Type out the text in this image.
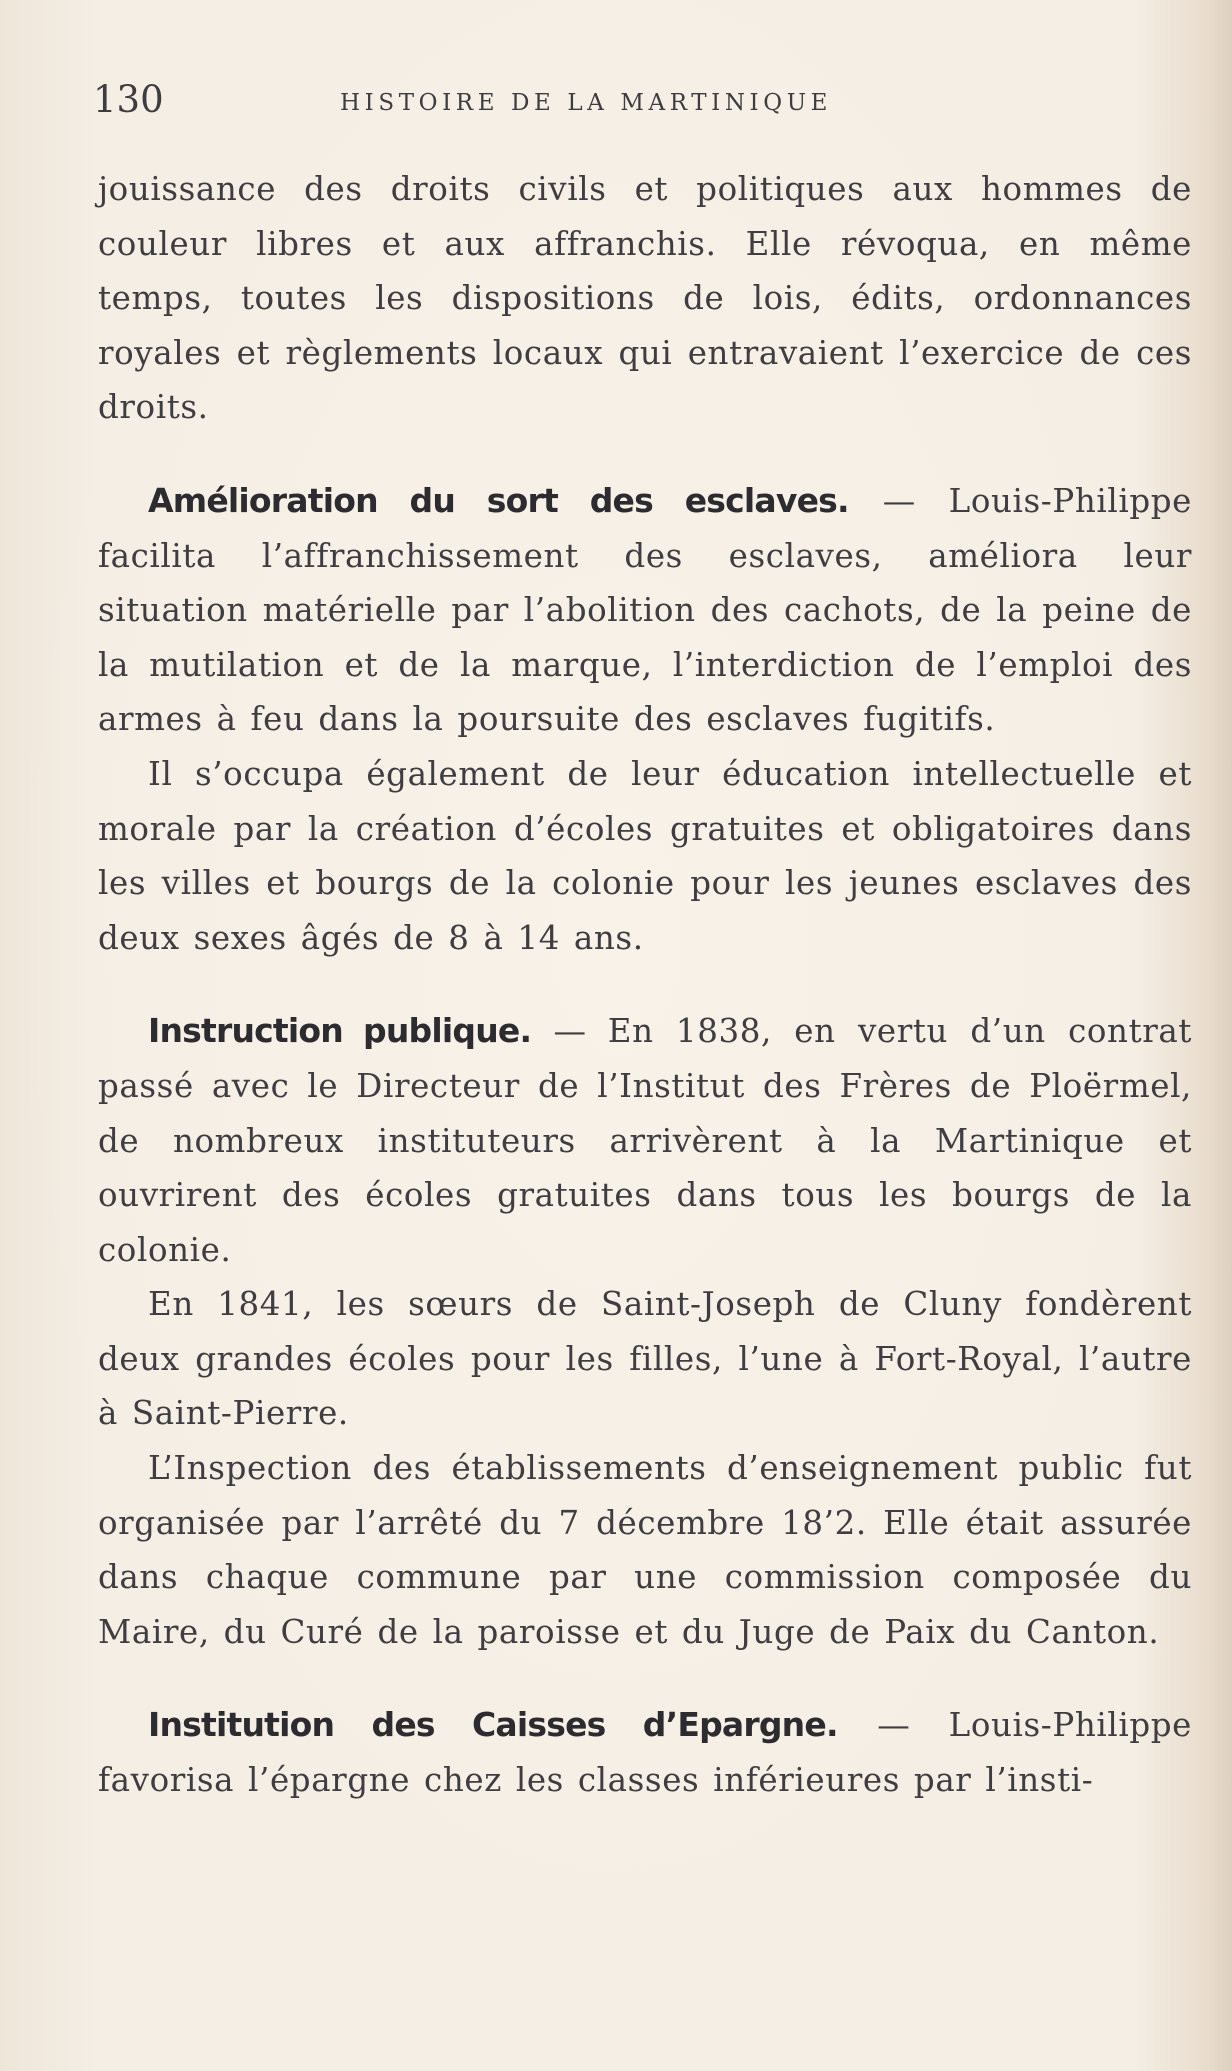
130	HISTOIRE DE LA MARTINIQUE

jouissance des droits civils et politiques aux hommes de couleur libres et aux affranchis. Elle révoqua, en même temps, toutes les dispositions de lois, édits, ordonnances royales et règlements locaux qui entravaient l’exercice de ces droits.

Amélioration du sort des esclaves. — Louis-Philippe facilita l’affranchissement des esclaves, améliora leur situation matérielle par l’abolition des cachots, de la peine de la mutilation et de la marque, l’interdiction de l’emploi des armes à feu dans la poursuite des esclaves fugitifs.

Il s’occupa également de leur éducation intellectuelle et morale par la création d’écoles gratuites et obligatoires dans les villes et bourgs de la colonie pour les jeunes esclaves des deux sexes âgés de 8 à 14 ans.

Instruction publique. — En 1838, en vertu d’un contrat passé avec le Directeur de l’Institut des Frères de Ploërmel, de nombreux instituteurs arrivèrent à la Martinique et ouvrirent des écoles gratuites dans tous les bourgs de la colonie.

En 1841, les sœurs de Saint-Joseph de Cluny fondèrent deux grandes écoles pour les filles, l’une à Fort-Royal, l’autre à Saint-Pierre.

L’Inspection des établissements d’enseignement public fut organisée par l’arrêté du 7 décembre 18’2. Elle était assurée dans chaque commune par une commission composée du Maire, du Curé de la paroisse et du Juge de Paix du Canton.

Institution des Caisses d’Epargne. — Louis-Philippe favorisa l’épargne chez les classes inférieures par l’insti-
